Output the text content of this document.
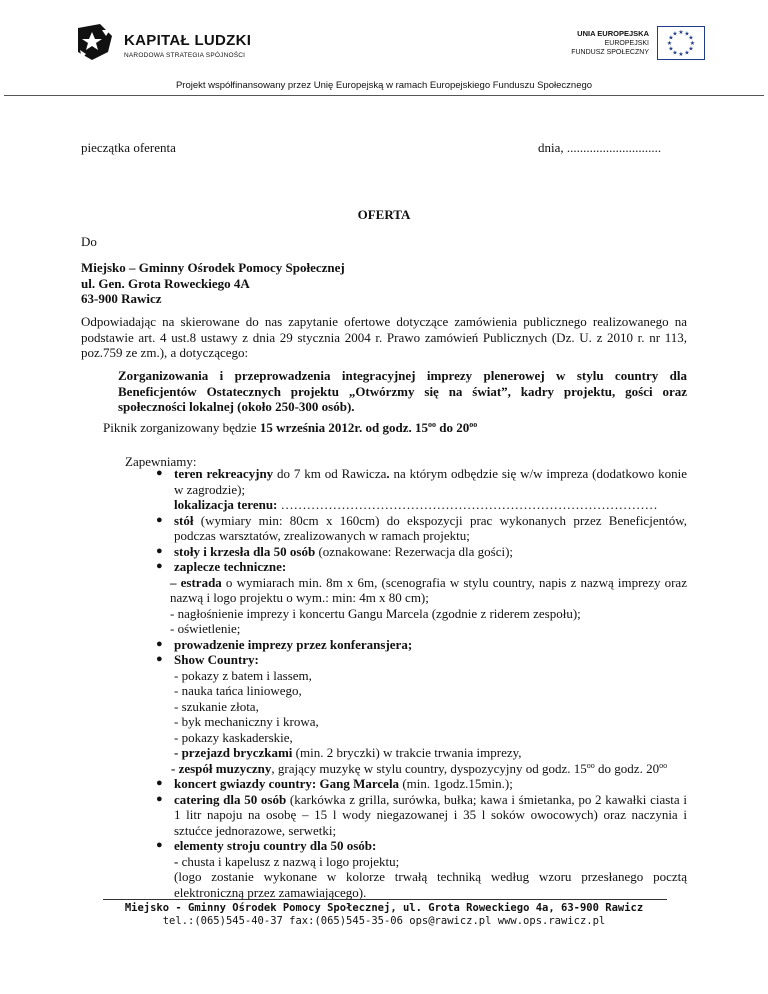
KAPITAŁ LUDZKI
NARODOWA STRATEGIA SPÓJNOŚCI
UNIA EUROPEJSKA
EUROPEJSKI
FUNDUSZ SPOŁECZNY
★ ★
★
★
★
★
★
★
★
★
★
★
Projekt współfinansowany przez Unię Europejską w ramach Europejskiego Funduszu Społecznego
pieczątka oferenta	dnia, .............................
OFERTA
Do
Miejsko – Gminny Ośrodek Pomocy Społecznej
ul. Gen. Grota Roweckiego 4A
63-900 Rawicz
Odpowiadając na skierowane do nas zapytanie ofertowe dotyczące zamówienia publicznego realizowanego na podstawie art. 4 ust.8 ustawy z dnia 29 stycznia 2004 r. Prawo zamówień Publicznych (Dz. U. z 2010 r. nr 113, poz.759 ze zm.), a dotyczącego:
Zorganizowania i przeprowadzenia integracyjnej imprezy plenerowej w stylu country dla Beneficjentów Ostatecznych projektu „Otwórzmy się na świat”, kadry projektu, gości oraz społeczności lokalnej (około 250-300 osób).
Piknik zorganizowany będzie 15 września 2012r. od godz. $15^{oo}$ do $20^{oo}$
Zapewniamy:
● teren rekreacyjny do 7 km od Rawicza. na którym odbędzie się w/w impreza (dodatkowo konie w zagrodzie);
lokalizacja terenu: ……………………………………………………………………………
● stół (wymiary min: 80cm x 160cm) do ekspozycji prac wykonanych przez Beneficjentów, podczas warsztatów, zrealizowanych w ramach projektu;
● stoły i krzesła dla 50 osób (oznakowane: Rezerwacja dla gości);
● zaplecze techniczne:
– estrada o wymiarach min. 8m x 6m, (scenografia w stylu country, napis z nazwą imprezy oraz nazwą i logo projektu o wym.: min: 4m x 80 cm);
- nagłośnienie imprezy i koncertu Gangu Marcela (zgodnie z riderem zespołu);
- oświetlenie;
● prowadzenie imprezy przez konferansjera;
● Show Country:
- pokazy z batem i lassem,
- nauka tańca liniowego,
- szukanie złota,
- byk mechaniczny i krowa,
- pokazy kaskaderskie,
- przejazd bryczkami (min. 2 bryczki) w trakcie trwania imprezy,
- zespół muzyczny, grający muzykę w stylu country, dyspozycyjny od godz. $15^{oo}$ do godz. $20^{oo}$
● koncert gwiazdy country: Gang Marcela (min. 1godz.15min.);
● catering dla 50 osób (karkówka z grilla, surówka, bułka; kawa i śmietanka, po 2 kawałki ciasta i 1 litr napoju na osobę – 15 l wody niegazowanej i 35 l soków owocowych) oraz naczynia i sztućce jednorazowe, serwetki;
● elementy stroju country dla 50 osób:
- chusta i kapelusz z nazwą i logo projektu;
(logo zostanie wykonane w kolorze trwałą techniką według wzoru przesłanego pocztą elektroniczną przez zamawiającego).
Miejsko - Gminny Ośrodek Pomocy Społecznej, ul. Grota Roweckiego 4a, 63-900 Rawicz
tel.:(065)545-40-37 fax:(065)545-35-06 ops@rawicz.pl www.ops.rawicz.pl
